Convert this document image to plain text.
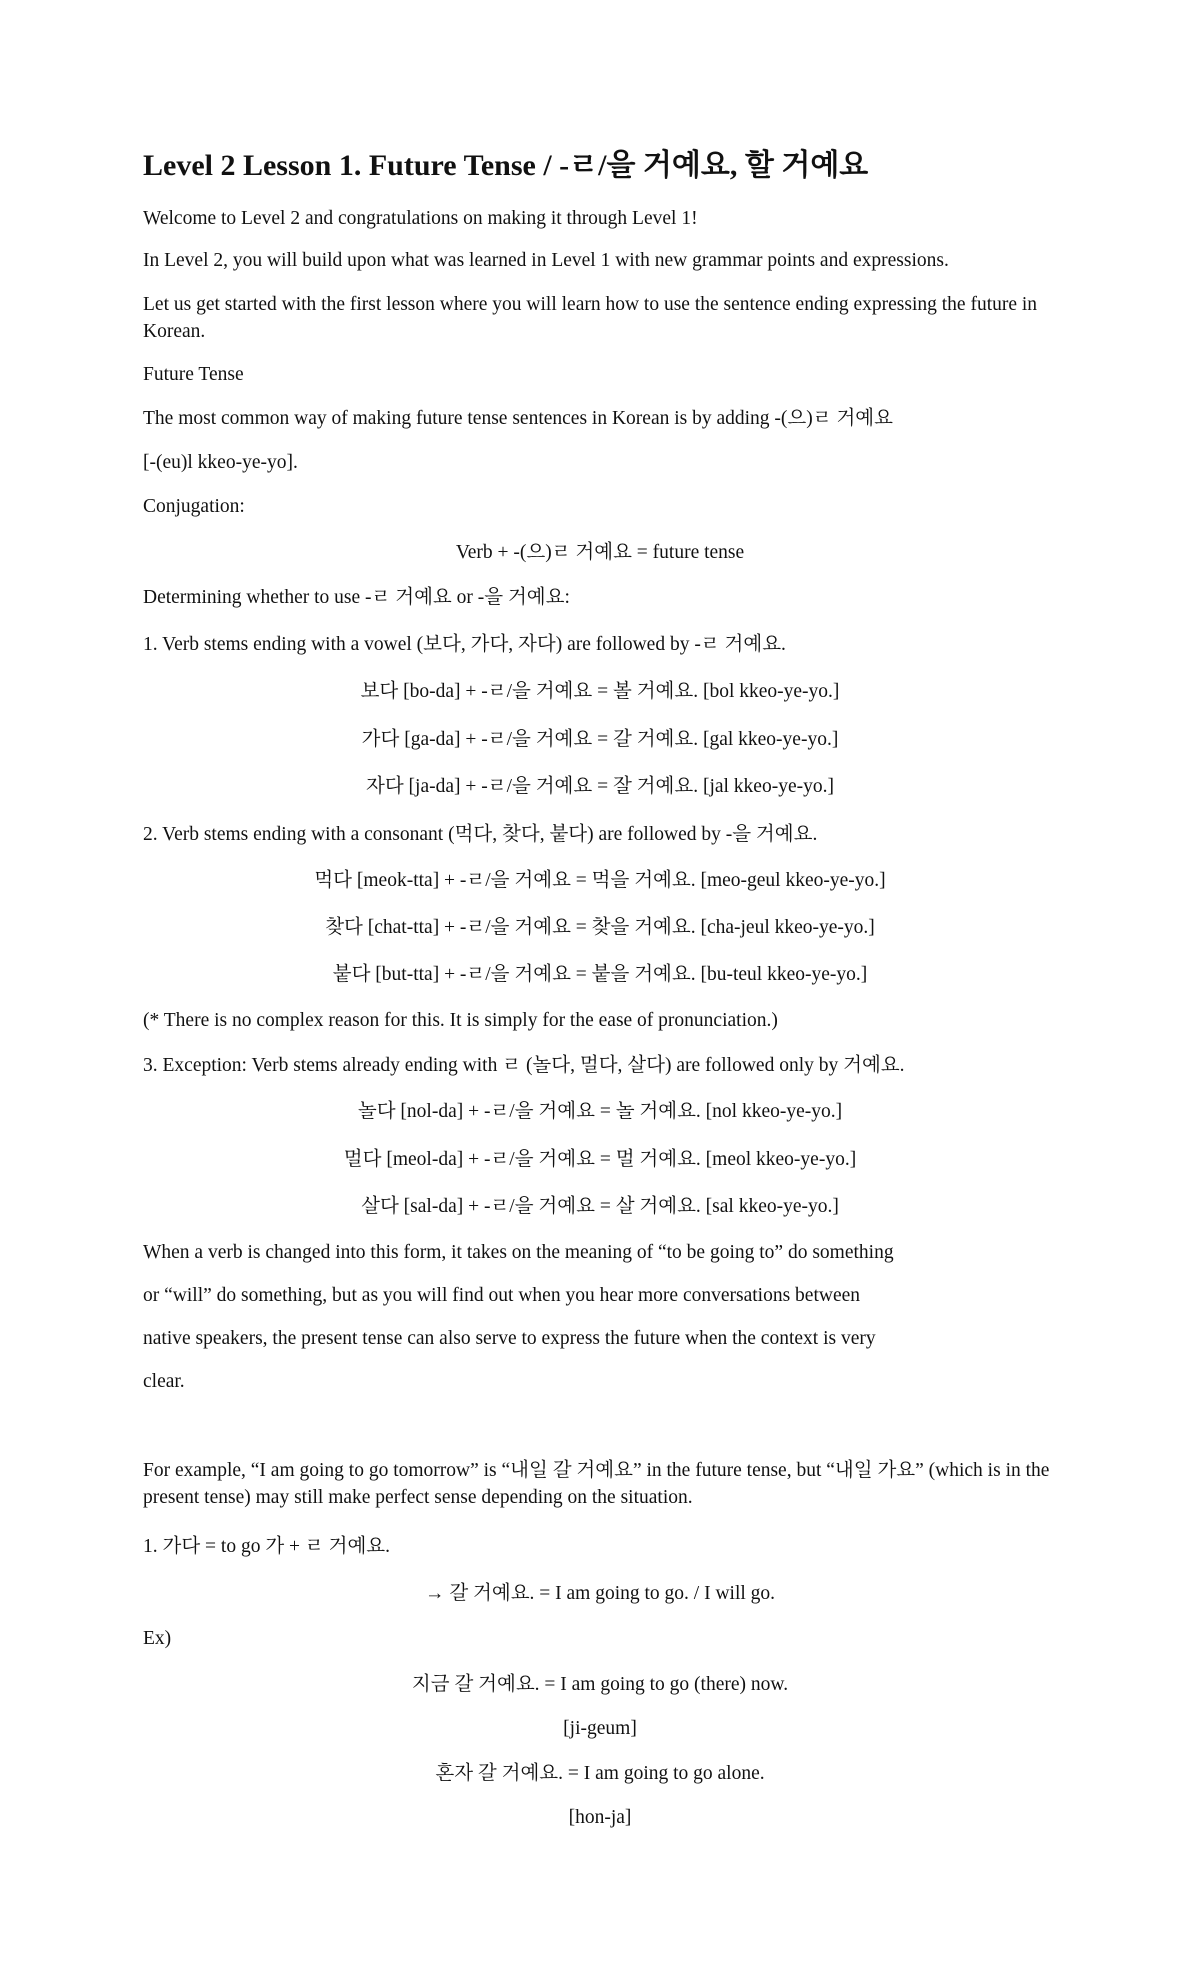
Level 2 Lesson 1. Future Tense / -ㄹ/을 거예요, 할 거예요

Welcome to Level 2 and congratulations on making it through Level 1!

In Level 2, you will build upon what was learned in Level 1 with new grammar points and expressions.

Let us get started with the first lesson where you will learn how to use the sentence ending expressing the future in Korean.

Future Tense

The most common way of making future tense sentences in Korean is by adding -(으)ㄹ 거예요

[-(eu)l kkeo-ye-yo].

Conjugation:

Verb + -(으)ㄹ 거예요 = future tense

Determining whether to use -ㄹ 거예요 or -을 거예요:

1. Verb stems ending with a vowel (보다, 가다, 자다) are followed by -ㄹ 거예요.

보다 [bo-da] + -ㄹ/을 거예요 = 볼 거예요. [bol kkeo-ye-yo.]

가다 [ga-da] + -ㄹ/을 거예요 = 갈 거예요. [gal kkeo-ye-yo.]

자다 [ja-da] + -ㄹ/을 거예요 = 잘 거예요. [jal kkeo-ye-yo.]

2. Verb stems ending with a consonant (먹다, 찾다, 붙다) are followed by -을 거예요.

먹다 [meok-tta] + -ㄹ/을 거예요 = 먹을 거예요. [meo-geul kkeo-ye-yo.]

찾다 [chat-tta] + -ㄹ/을 거예요 = 찾을 거예요. [cha-jeul kkeo-ye-yo.]

붙다 [but-tta] + -ㄹ/을 거예요 = 붙을 거예요. [bu-teul kkeo-ye-yo.]

(* There is no complex reason for this. It is simply for the ease of pronunciation.)

3. Exception: Verb stems already ending with ㄹ (놀다, 멀다, 살다) are followed only by 거예요.

놀다 [nol-da] + -ㄹ/을 거예요 = 놀 거예요. [nol kkeo-ye-yo.]

멀다 [meol-da] + -ㄹ/을 거예요 = 멀 거예요. [meol kkeo-ye-yo.]

살다 [sal-da] + -ㄹ/을 거예요 = 살 거예요. [sal kkeo-ye-yo.]

When a verb is changed into this form, it takes on the meaning of “to be going to” do something

or “will” do something, but as you will find out when you hear more conversations between

native speakers, the present tense can also serve to express the future when the context is very

clear.

For example, “I am going to go tomorrow” is “내일 갈 거예요” in the future tense, but “내일 가요” (which is in the present tense) may still make perfect sense depending on the situation.

1. 가다 = to go 가 + ㄹ 거예요.

→ 갈 거예요. = I am going to go. / I will go.

Ex)

지금 갈 거예요. = I am going to go (there) now.

[ji-geum]

혼자 갈 거예요. = I am going to go alone.

[hon-ja]
